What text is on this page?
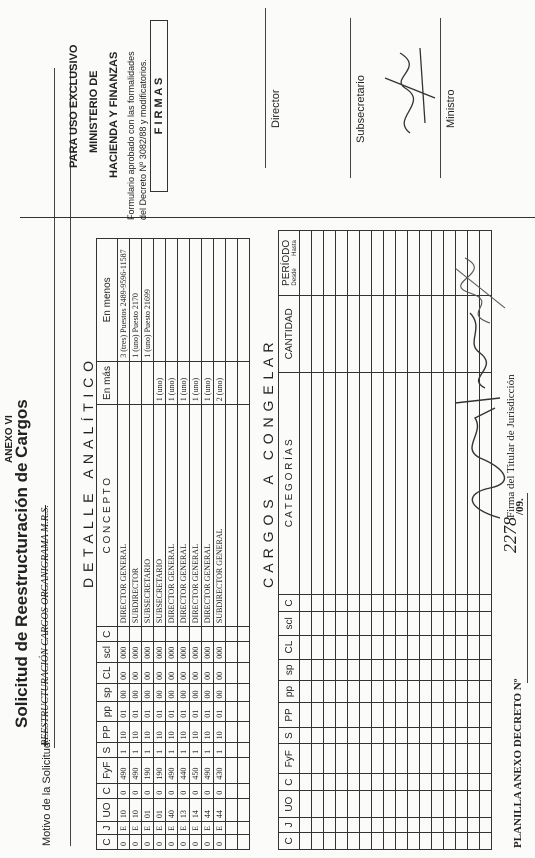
ANEXO VI
Solicitud de Reestructuración de Cargos
Motivo de la Solicitud:
REESTRUCTURACIÓN CARGOS ORGANIGRAMA M.R.S.
D E T A L L E   A N A L Í T I C O
C	J	UO	C	FyF	S	PP	pp	sp	CL	scl	C	C O N C E P T O	En más	En menos
0	E	10	0	490	1	10	01	00	00	000		DIRECTOR GENERAL		3 (tres) Puestos 2489-9596-11587
0	E	10	0	490	1	10	01	00	00	000		SUBDIRECTOR		1 (uno) Puesto 2170
0	E	01	0	190	1	10	01	00	00	000		SUBSECRETARIO		1 (uno) Puesto 21699
0	E	01	0	190	1	10	01	00	00	000		SUBSECRETARIO	1 (uno)	
0	E	40	0	490	1	10	01	00	00	000		DIRECTOR GENERAL	1 (uno)	
0	E	13	0	440	1	10	01	00	00	000		DIRECTOR GENERAL	1 (uno)	
0	E	14	0	450	1	10	01	00	00	000		DIRECTOR GENERAL	1 (uno)	
0	E	44	0	490	1	10	01	00	00	000		DIRECTOR GENERAL	1 (uno)	
0	E	44	0	430	1	10	01	00	00	000		SUBDIRECTOR GENERAL	2 (uno)	

															C A R G O S   A   C O N G E L A R
C	J	UO	C	FyF	S	PP	pp	sp	CL	scl	C	C A T E G O R Í A S	CANTIDAD	PERÍODO Desde
Hasta

PLANILLA ANEXO DECRETO Nº
2278
/09.
Firma del Titular de Jurisdicción
PARA USO EXCLUSIVO MINISTERIO DE HACIENDA Y FINANZAS Formulario aprobado con las formalidades del Decreto Nº 3082/88 y modificatorios. F I R M A S	Director	Subsecretario	Ministro
